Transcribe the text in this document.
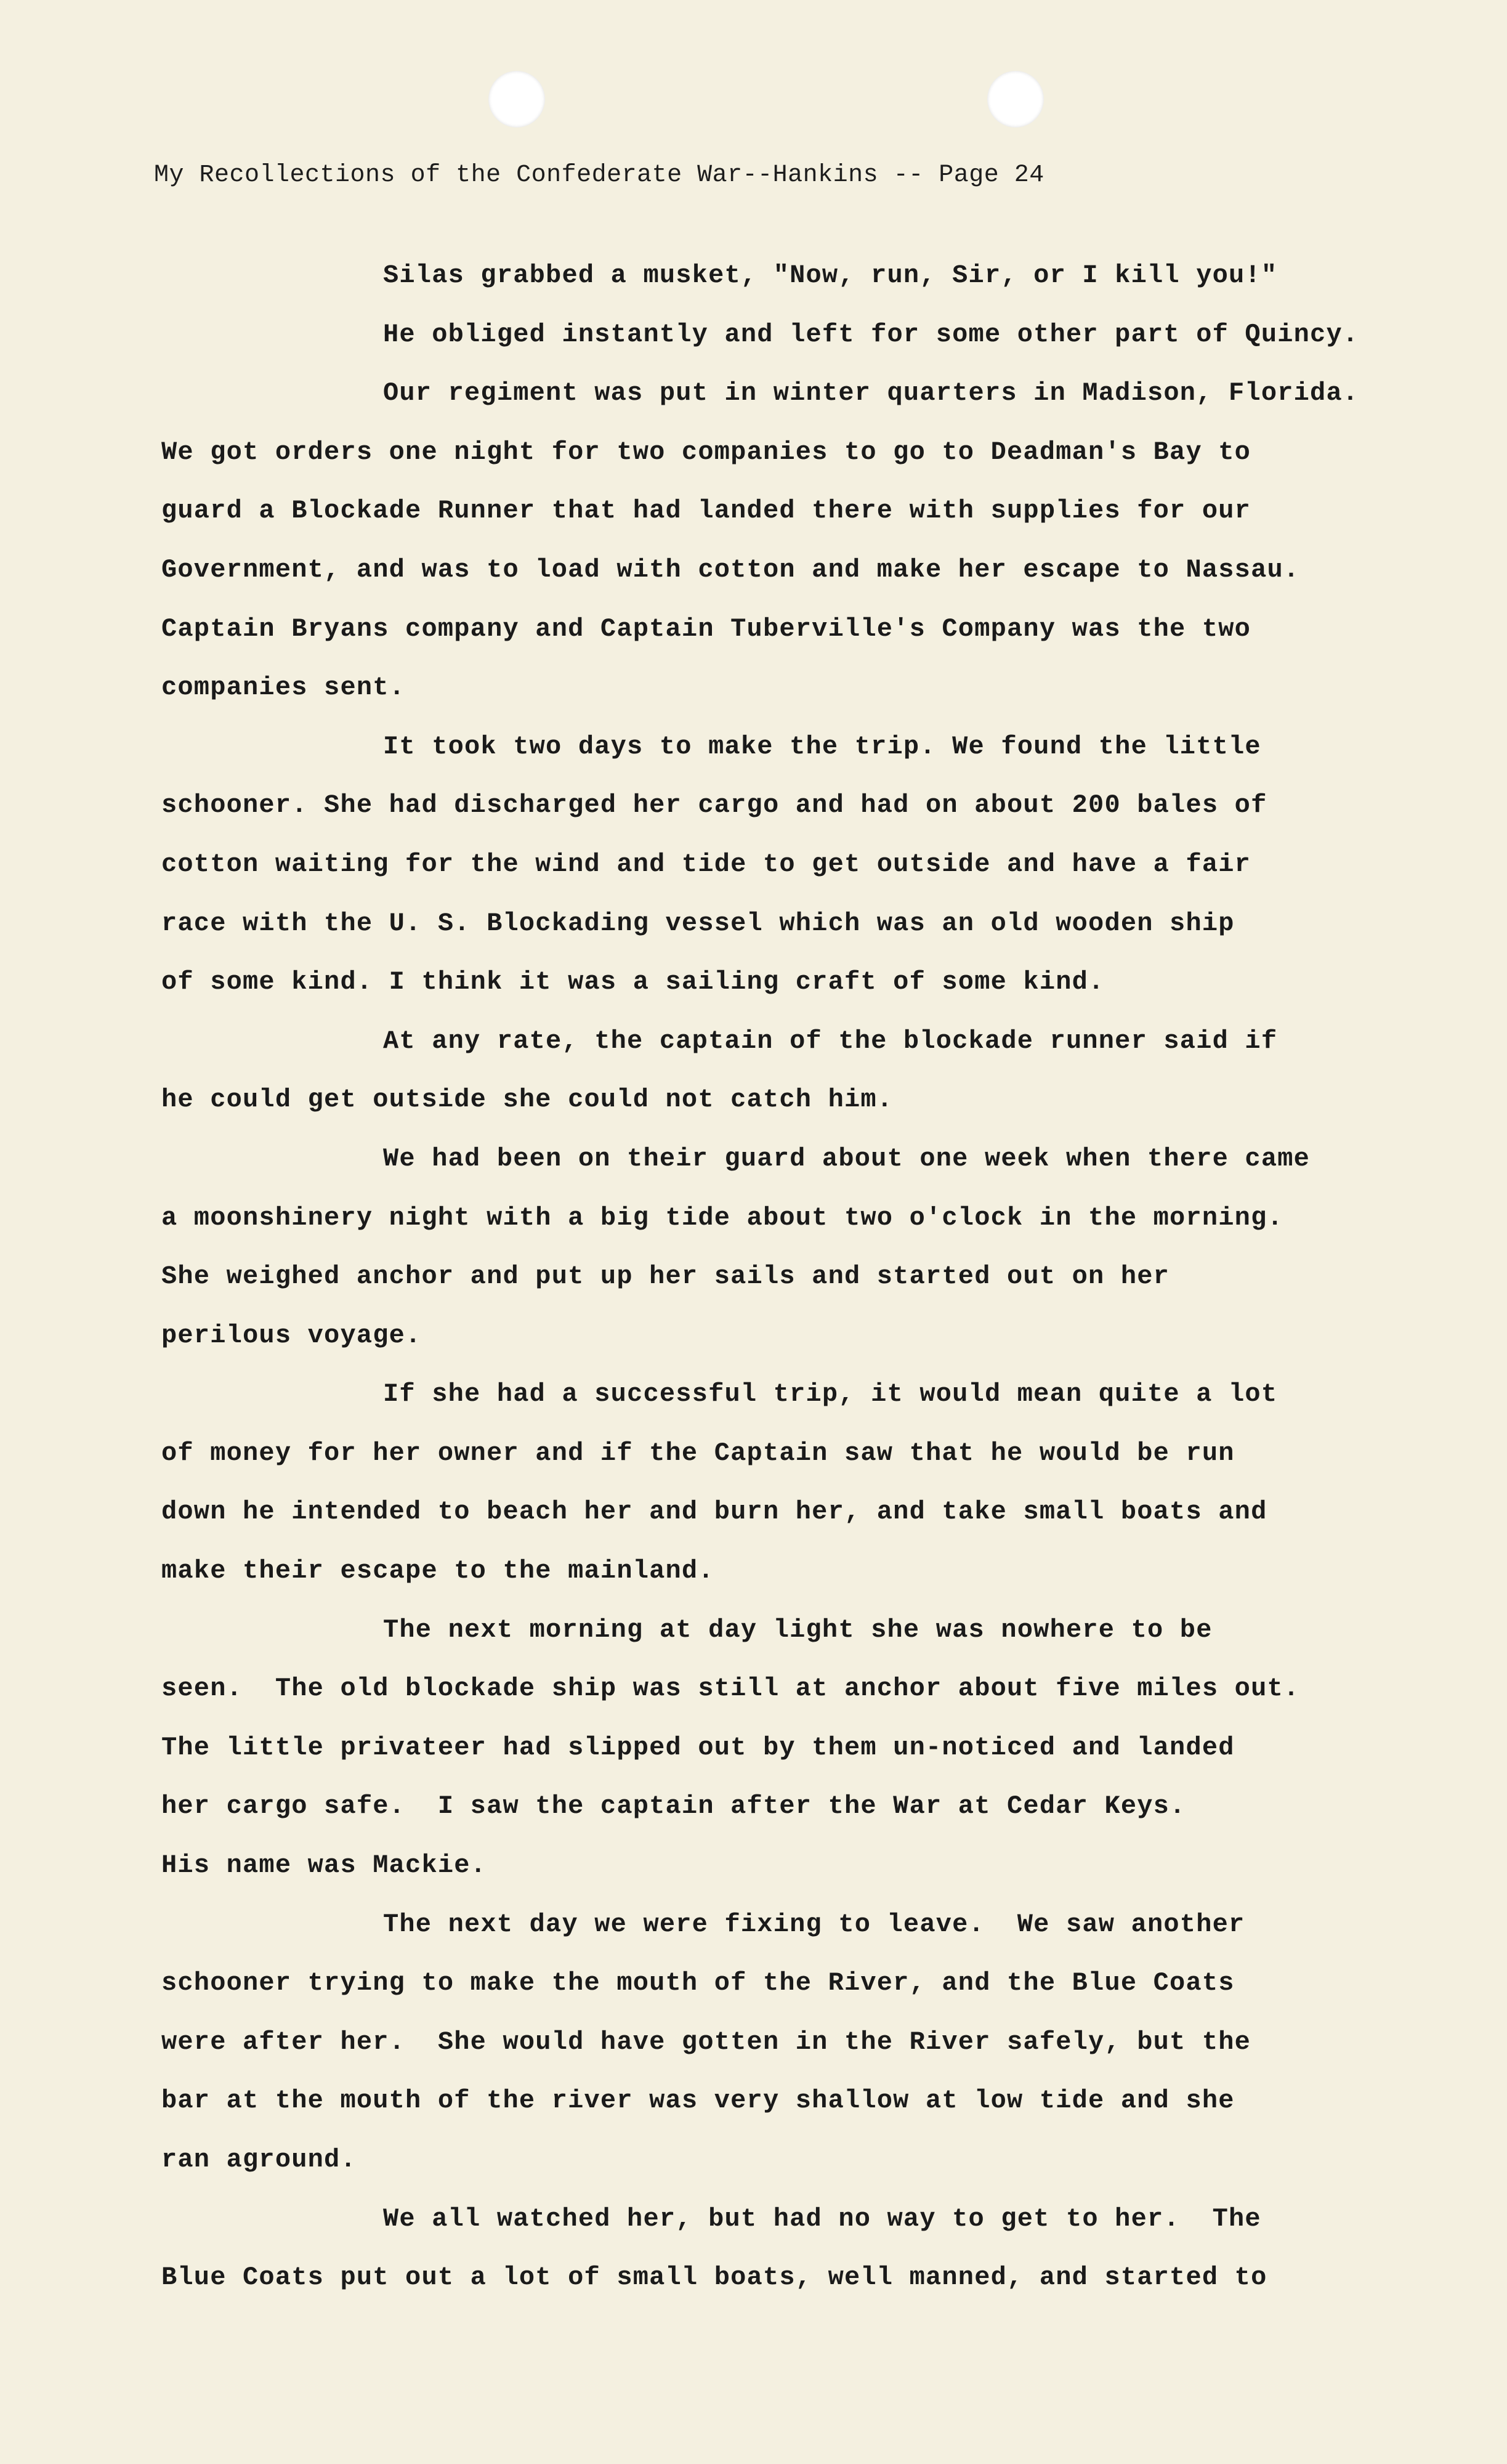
My Recollections of the Confederate War--Hankins -- Page 24
Silas grabbed a musket, "Now, run, Sir, or I kill you!"
He obliged instantly and left for some other part of Quincy.
Our regiment was put in winter quarters in Madison, Florida.
We got orders one night for two companies to go to Deadman's Bay to
guard a Blockade Runner that had landed there with supplies for our
Government, and was to load with cotton and make her escape to Nassau.
Captain Bryans company and Captain Tuberville's Company was the two
companies sent.
It took two days to make the trip. We found the little
schooner. She had discharged her cargo and had on about 200 bales of
cotton waiting for the wind and tide to get outside and have a fair
race with the U. S. Blockading vessel which was an old wooden ship
of some kind. I think it was a sailing craft of some kind.
At any rate, the captain of the blockade runner said if
he could get outside she could not catch him.
We had been on their guard about one week when there came
a moonshinery night with a big tide about two o'clock in the morning.
She weighed anchor and put up her sails and started out on her
perilous voyage.
If she had a successful trip, it would mean quite a lot
of money for her owner and if the Captain saw that he would be run
down he intended to beach her and burn her, and take small boats and
make their escape to the mainland.
The next morning at day light she was nowhere to be
seen.  The old blockade ship was still at anchor about five miles out.
The little privateer had slipped out by them un-noticed and landed
her cargo safe.  I saw the captain after the War at Cedar Keys.
His name was Mackie.
The next day we were fixing to leave.  We saw another
schooner trying to make the mouth of the River, and the Blue Coats
were after her.  She would have gotten in the River safely, but the
bar at the mouth of the river was very shallow at low tide and she
ran aground.
We all watched her, but had no way to get to her.  The
Blue Coats put out a lot of small boats, well manned, and started to
